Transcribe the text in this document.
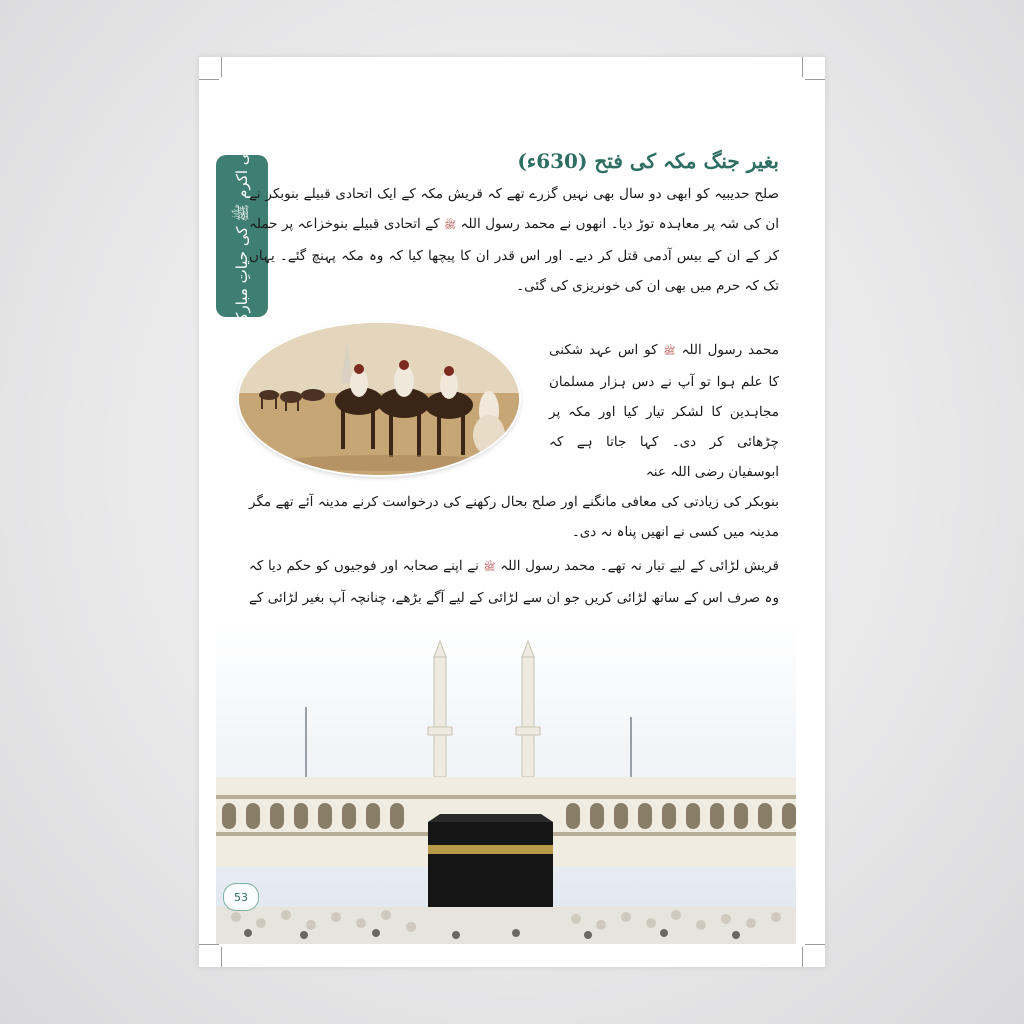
نبی اکرم ﷺ کی حیاتِ مبارکہ	بغیر جنگ مکہ کی فتح (630ء)

صلح حدیبیہ کو ابھی دو سال بھی نہیں گزرے تھے کہ قریش مکہ کے ایک اتحادی قبیلے بنوبکر نے ان کی شہ پر معاہدہ توڑ دیا۔ انھوں نے محمد رسول اللہ ﷺ کے اتحادی قبیلے بنوخزاعہ پر حملہ کر کے ان کے بیس آدمی قتل کر دیے۔ اور اس قدر ان کا پیچھا کیا کہ وہ مکہ پہنچ گئے۔ یہاں تک کہ حرم میں بھی ان کی خونریزی کی گئی۔

محمد رسول اللہ ﷺ کو اس عہد شکنی کا علم ہوا تو آپ نے دس ہزار مسلمان مجاہدین کا لشکر تیار کیا اور مکہ پر چڑھائی کر دی۔ کہا جاتا ہے کہ ابوسفیان رضی اللہ عنہ

بنوبکر کی زیادتی کی معافی مانگنے اور صلح بحال رکھنے کی درخواست کرنے مدینہ آئے تھے مگر مدینہ میں کسی نے انھیں پناہ نہ دی۔

قریش لڑائی کے لیے تیار نہ تھے۔ محمد رسول اللہ ﷺ نے اپنے صحابہ اور فوجیوں کو حکم دیا کہ وہ صرف اس کے ساتھ لڑائی کریں جو ان سے لڑائی کے لیے آگے بڑھے، چنانچہ آپ بغیر لڑائی کے

53
